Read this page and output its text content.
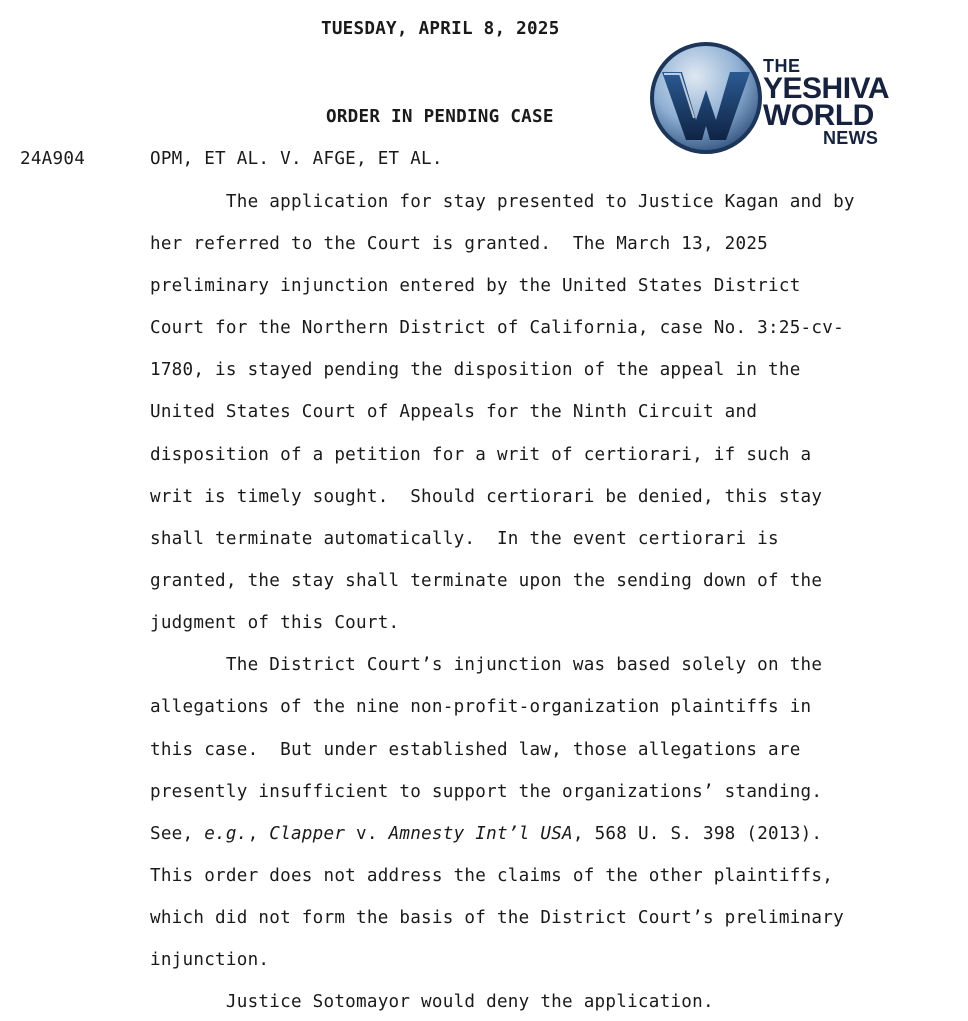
TUESDAY, APRIL 8, 2025
THE
YESHIVA
WORLD
NEWS
ORDER IN PENDING CASE
24A904	OPM, ET AL. V. AFGE, ET AL.
The application for stay presented to Justice Kagan and by
her referred to the Court is granted.  The March 13, 2025
preliminary injunction entered by the United States District
Court for the Northern District of California, case No. 3:25-cv-
1780, is stayed pending the disposition of the appeal in the
United States Court of Appeals for the Ninth Circuit and
disposition of a petition for a writ of certiorari, if such a
writ is timely sought.  Should certiorari be denied, this stay
shall terminate automatically.  In the event certiorari is
granted, the stay shall terminate upon the sending down of the
judgment of this Court.
The District Court’s injunction was based solely on the
allegations of the nine non-profit-organization plaintiffs in
this case.  But under established law, those allegations are
presently insufficient to support the organizations’ standing.
See, e.g., Clapper v. Amnesty Int’l USA, 568 U. S. 398 (2013).
This order does not address the claims of the other plaintiffs,
which did not form the basis of the District Court’s preliminary
injunction.
Justice Sotomayor would deny the application.
